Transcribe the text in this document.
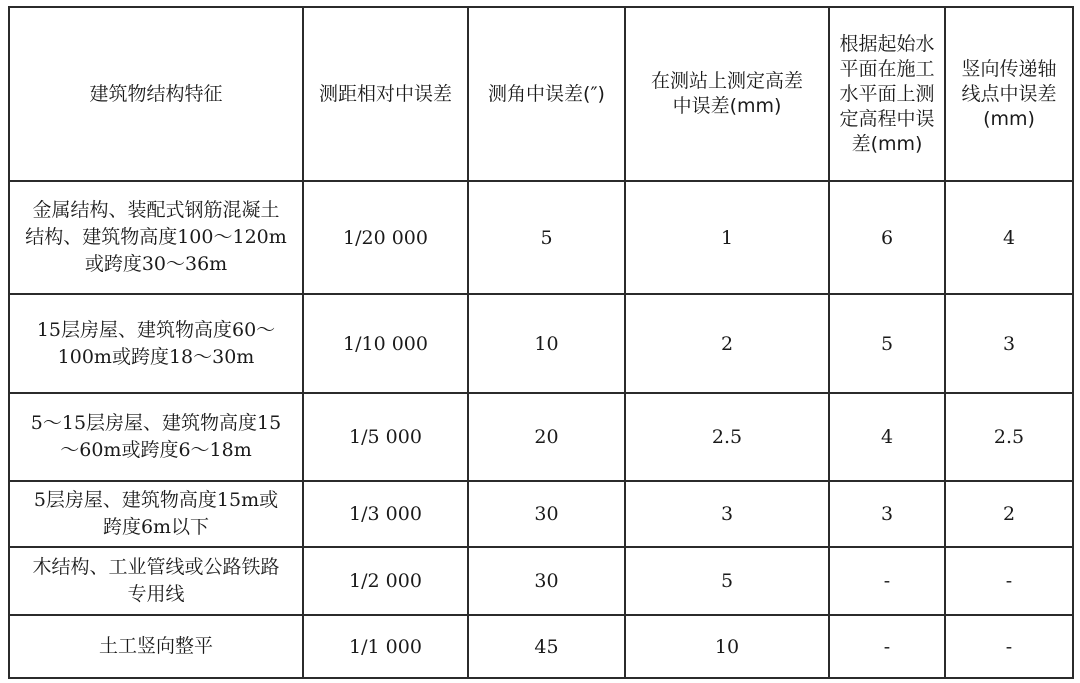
建筑物结构特征	测距相对中误差	测角中误差(″)	在测站上测定高差中误差(mm)	根据起始水平面在施工水平面上测定高程中误差(mm)	竖向传递轴线点中误差(mm)
金属结构、装配式钢筋混凝土结构、建筑物高度100～120m或跨度30～36m	1/20 000	5	1	6	4
15层房屋、建筑物高度60～100m或跨度18～30m	1/10 000	10	2	5	3
5～15层房屋、建筑物高度15～60m或跨度6～18m	1/5 000	20	2.5	4	2.5
5层房屋、建筑物高度15m或跨度6m以下	1/3 000	30	3	3	2
木结构、工业管线或公路铁路专用线	1/2 000	30	5	-	-
土工竖向整平	1/1 000	45	10	-	-
